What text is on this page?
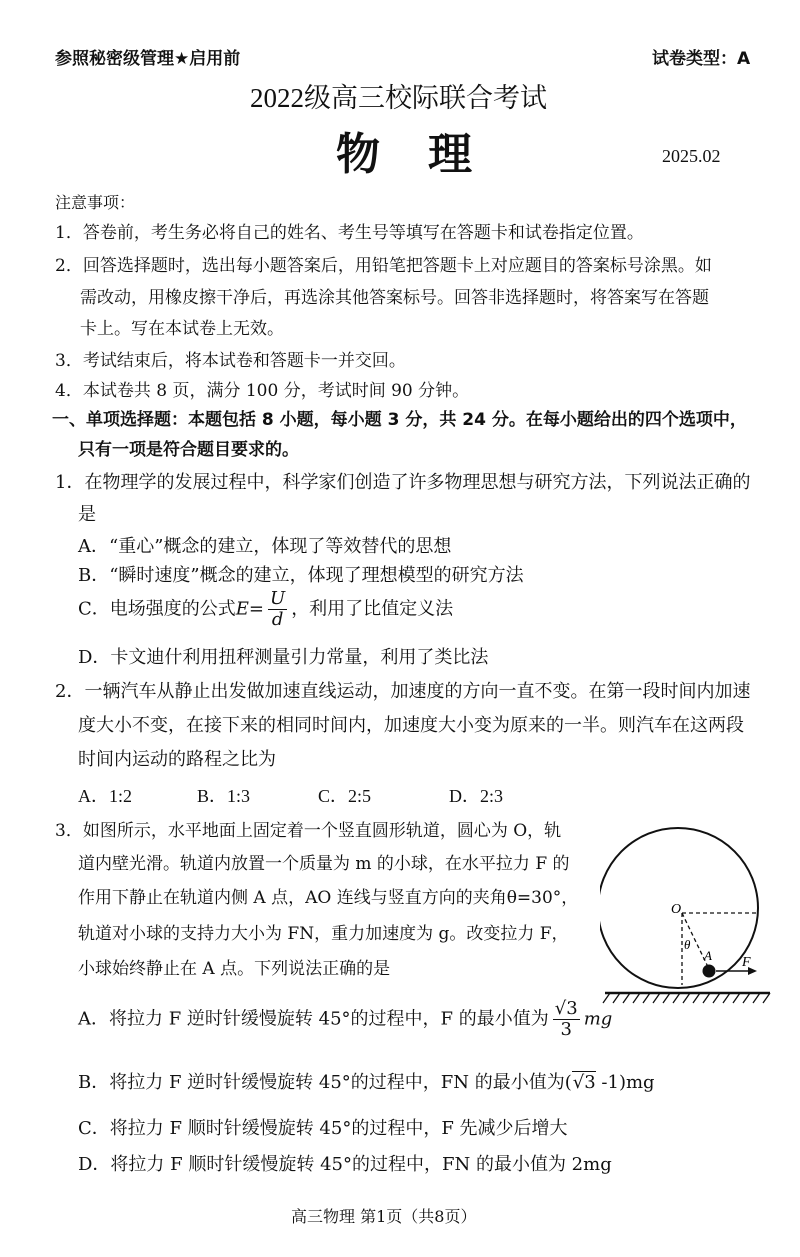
参照秘密级管理★启用前	试卷类型：A
2022级高三校际联合考试
物　理	2025.02
注意事项：
1．答卷前，考生务必将自己的姓名、考生号等填写在答题卡和试卷指定位置。
2．回答选择题时，选出每小题答案后，用铅笔把答题卡上对应题目的答案标号涂黑。如
需改动，用橡皮擦干净后，再选涂其他答案标号。回答非选择题时，将答案写在答题
卡上。写在本试卷上无效。
3．考试结束后，将本试卷和答题卡一并交回。
4．本试卷共 8 页，满分 100 分，考试时间 90 分钟。
一、单项选择题：本题包括 8 小题，每小题 3 分，共 24 分。在每小题给出的四个选项中，
只有一项是符合题目要求的。
1．在物理学的发展过程中，科学家们创造了许多物理思想与研究方法，下列说法正确的
是
A．“重心”概念的建立，体现了等效替代的思想
B．“瞬时速度”概念的建立，体现了理想模型的研究方法
C．电场强度的公式$E= \frac{U}{d}$ ，利用了比值定义法
D．卡文迪什利用扭秤测量引力常量，利用了类比法
2．一辆汽车从静止出发做加速直线运动，加速度的方向一直不变。在第一段时间内加速
度大小不变，在接下来的相同时间内，加速度大小变为原来的一半。则汽车在这两段
时间内运动的路程之比为
A．1:2	B．1:3	C．2:5	D．2:3
3．如图所示，水平地面上固定着一个竖直圆形轨道，圆心为 O，轨
道内壁光滑。轨道内放置一个质量为 m 的小球，在水平拉力 F 的
作用下静止在轨道内侧 A 点，AO 连线与竖直方向的夹角θ=30°，
轨道对小球的支持力大小为 FN，重力加速度为 g。改变拉力 F，
小球始终静止在 A 点。下列说法正确的是
O
θ
A F
A．将拉力 F 逆时针缓慢旋转 45°的过程中，F 的最小值为 $\frac{√3}{3}$ mg
B．将拉力 F 逆时针缓慢旋转 45°的过程中，FN 的最小值为(√3 -1)mg
C．将拉力 F 顺时针缓慢旋转 45°的过程中，F 先减少后增大
D．将拉力 F 顺时针缓慢旋转 45°的过程中，FN 的最小值为 2mg
高三物理 第1页（共8页）
